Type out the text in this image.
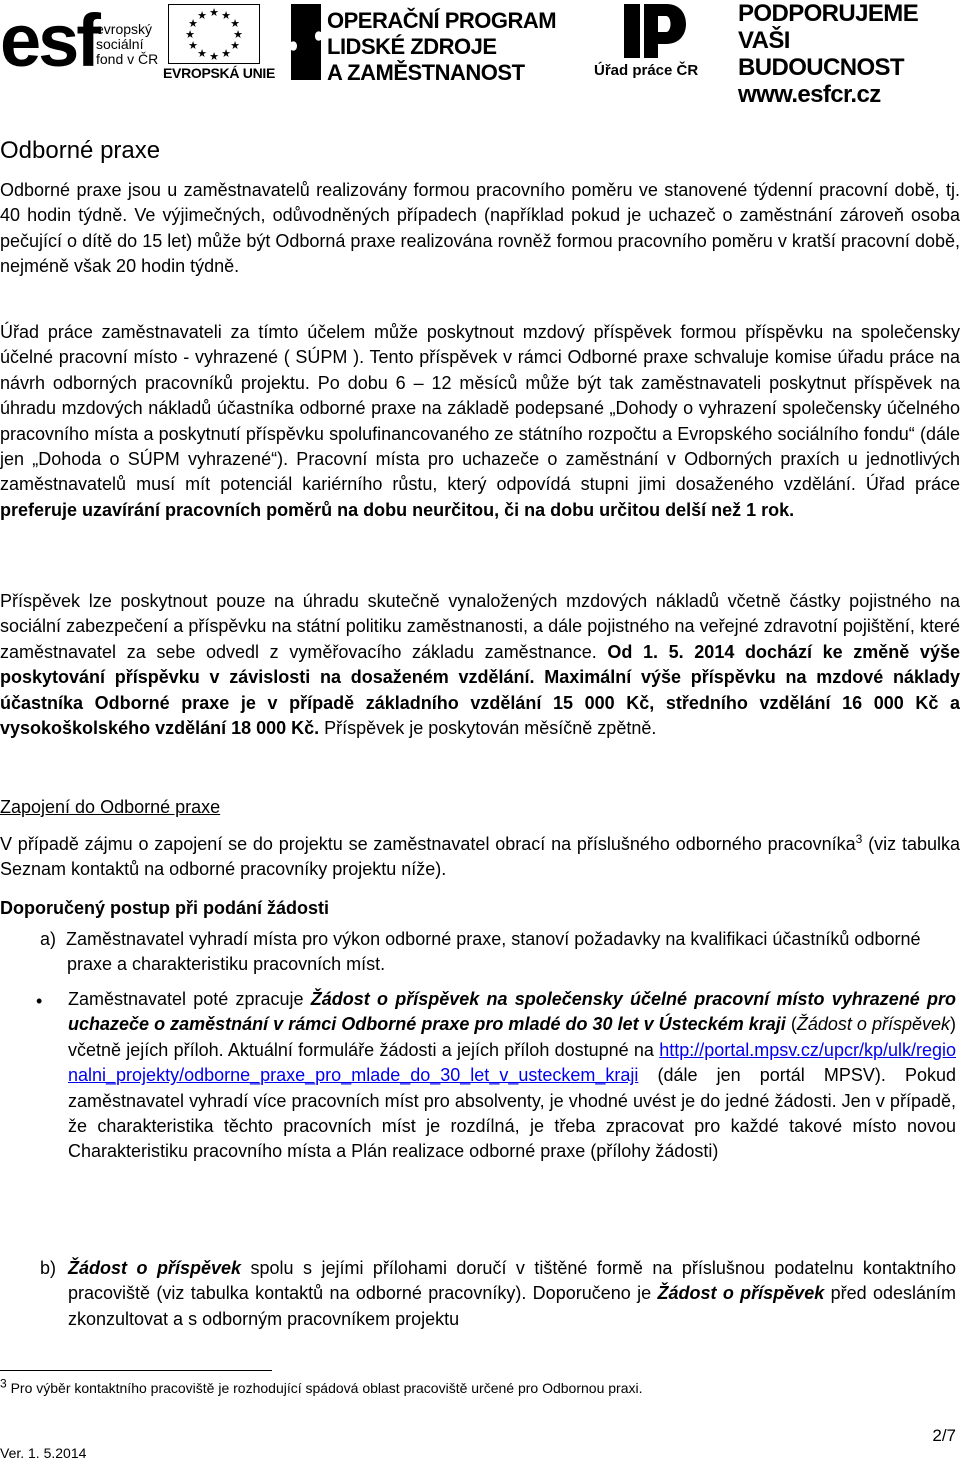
esf
evropský
sociální
fond v ČR
★ ★
★
★
★
★
★
★
★
★
★
★
EVROPSKÁ UNIE
OPERAČNÍ PROGRAM
LIDSKÉ ZDROJE
A ZAMĚSTNANOST	Úřad práce ČR
PODPORUJEME
VAŠI BUDOUCNOST
www.esfcr.cz
Odborné praxe

Odborné praxe jsou u zaměstnavatelů realizovány formou pracovního poměru ve stanovené týdenní pracovní době, tj. 40 hodin týdně. Ve výjimečných, odůvodněných případech (například pokud je uchazeč o zaměstnání zároveň osoba pečující o dítě do 15 let) může být Odborná praxe realizována rovněž formou pracovního poměru v kratší pracovní době, nejméně však 20 hodin týdně.

Úřad práce zaměstnavateli za tímto účelem může poskytnout mzdový příspěvek formou příspěvku na společensky účelné pracovní místo - vyhrazené ( SÚPM ). Tento příspěvek v rámci Odborné praxe schvaluje komise úřadu práce na návrh odborných pracovníků projektu. Po dobu 6 – 12 měsíců může být tak zaměstnavateli poskytnut příspěvek na úhradu mzdových nákladů účastníka odborné praxe na základě podepsané „Dohody o vyhrazení společensky účelného pracovního místa a poskytnutí příspěvku spolufinancovaného ze státního rozpočtu a Evropského sociálního fondu“ (dále jen „Dohoda o SÚPM vyhrazené“). Pracovní místa pro uchazeče o zaměstnání v Odborných praxích u jednotlivých zaměstnavatelů musí mít potenciál kariérního růstu, který odpovídá stupni jimi dosaženého vzdělání. Úřad práce preferuje uzavírání pracovních poměrů na dobu neurčitou, či na dobu určitou delší než 1 rok.

Příspěvek lze poskytnout pouze na úhradu skutečně vynaložených mzdových nákladů včetně částky pojistného na sociální zabezpečení a příspěvku na státní politiku zaměstnanosti, a dále pojistného na veřejné zdravotní pojištění, které zaměstnavatel za sebe odvedl z vyměřovacího základu zaměstnance. Od 1. 5. 2014 dochází ke změně výše poskytování příspěvku v závislosti na dosaženém vzdělání. Maximální výše příspěvku na mzdové náklady účastníka Odborné praxe je v případě základního vzdělání 15 000 Kč, středního vzdělání 16 000 Kč a vysokoškolského vzdělání 18 000 Kč. Příspěvek je poskytován měsíčně zpětně.

Zapojení do Odborné praxe

V případě zájmu o zapojení se do projektu se zaměstnavatel obrací na příslušného odborného pracovníka$^3$ (viz tabulka Seznam kontaktů na odborné pracovníky projektu níže).

Doporučený postup při podání žádosti

a) Zaměstnavatel vyhradí místa pro výkon odborné praxe, stanoví požadavky na kvalifikaci účastníků odborné praxe a charakteristiku pracovních míst.

• Zaměstnavatel poté zpracuje Žádost o příspěvek na společensky účelné pracovní místo vyhrazené pro uchazeče o zaměstnání v rámci Odborné praxe pro mladé do 30 let v Ústeckém kraji (Žádost o příspěvek) včetně jejích příloh. Aktuální formuláře žádosti a jejích příloh dostupné na http://portal.mpsv.cz/upcr/kp/ulk/regionalni_projekty/odborne_praxe_pro_mlade_do_30_let_v_usteckem_kraji (dále jen portál MPSV). Pokud zaměstnavatel vyhradí více pracovních míst pro absolventy, je vhodné uvést je do jedné žádosti. Jen v případě, že charakteristika těchto pracovních míst je rozdílná, je třeba zpracovat pro každé takové místo novou Charakteristiku pracovního místa a Plán realizace odborné praxe (přílohy žádosti)

b) Žádost o příspěvek spolu s jejími přílohami doručí v tištěné formě na příslušnou podatelnu kontaktního pracoviště (viz tabulka kontaktů na odborné pracovníky). Doporučeno je Žádost o příspěvek před odesláním zkonzultovat a s odborným pracovníkem projektu

3 Pro výběr kontaktního pracoviště je rozhodující spádová oblast pracoviště určené pro Odbornou praxi.
Ver. 1. 5.2014
2/7
